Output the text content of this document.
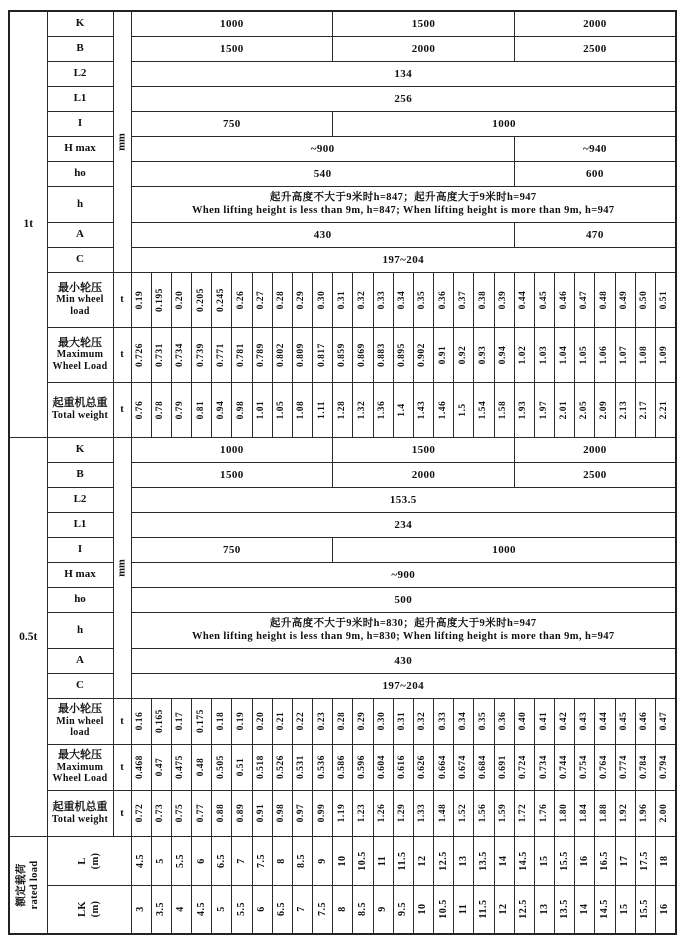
1t	K	mm	1000										1500									2000							
	B		1500										2000									2500							
	L2		134																										
	L1		256																										
	I		750										1000																
	H max		~900																			~940							
	ho		540																			600							
	h		起升高度不大于9米时h=847；起升高度大于9米时h=947
When lifting height is less than 9m, h=847; When lifting height is more than 9m, h=947																										

	A		430																			470							
	C		197~204																										

	最小轮压
Min wheel load	t	0.19	0.195	0.20	0.205	0.245	0.26	0.27	0.28	0.29	0.30	0.31	0.32	0.33	0.34	0.35	0.36	0.37	0.38	0.39	0.44	0.45	0.46	0.47	0.48	0.49	0.50	0.51

	最大轮压
Maximum Wheel Load	t	0.726	0.731	0.734	0.739	0.771	0.781	0.789	0.802	0.809	0.817	0.859	0.869	0.883	0.895	0.902	0.91	0.92	0.93	0.94	1.02	1.03	1.04	1.05	1.06	1.07	1.08	1.09

	起重机总重
Total weight	t	0.76	0.78	0.79	0.81	0.94	0.98	1.01	1.05	1.08	1.11	1.28	1.32	1.36	1.4	1.43	1.46	1.5	1.54	1.58	1.93	1.97	2.01	2.05	2.09	2.13	2.17	2.21

0.5t	K	mm	1000										1500									2000							
	B		1500										2000									2500							
	L2		153.5																										
	L1		234																										
	I		750										1000																
	H max		~900																										
	ho		500																										
	h		起升高度不大于9米时h=830；起升高度大于9米时h=947
When lifting height is less than 9m, h=830; When lifting height is more than 9m, h=947																										

	A		430																										
	C		197~204																										

	最小轮压
Min wheel load	t	0.16	0.165	0.17	0.175	0.18	0.19	0.20	0.21	0.22	0.23	0.28	0.29	0.30	0.31	0.32	0.33	0.34	0.35	0.36	0.40	0.41	0.42	0.43	0.44	0.45	0.46	0.47

	最大轮压
Maximum Wheel Load	t	0.468	0.47	0.475	0.48	0.505	0.51	0.518	0.526	0.531	0.536	0.586	0.596	0.604	0.616	0.626	0.664	0.674	0.684	0.691	0.724	0.734	0.744	0.754	0.764	0.774	0.784	0.794

	起重机总重
Total weight	t	0.72	0.73	0.75	0.77	0.88	0.89	0.91	0.98	0.97	0.99	1.19	1.23	1.26	1.29	1.33	1.48	1.52	1.56	1.59	1.72	1.76	1.80	1.84	1.88	1.92	1.96	2.00

额定载荷 rated load	L (m)	4.5	5	5.5	6	6.5	7	7.5	8	8.5	9	10	10.5	11	11.5	12	12.5	13	13.5	14	14.5	15	15.5	16	16.5	17	17.5	18

	LK (m)		3	3.5	4	4.5	5	5.5	6	6.5	7	7.5	8	8.5	9	9.5	10	10.5	11	11.5	12	12.5	13	13.5	14	14.5	15	15.5	16
